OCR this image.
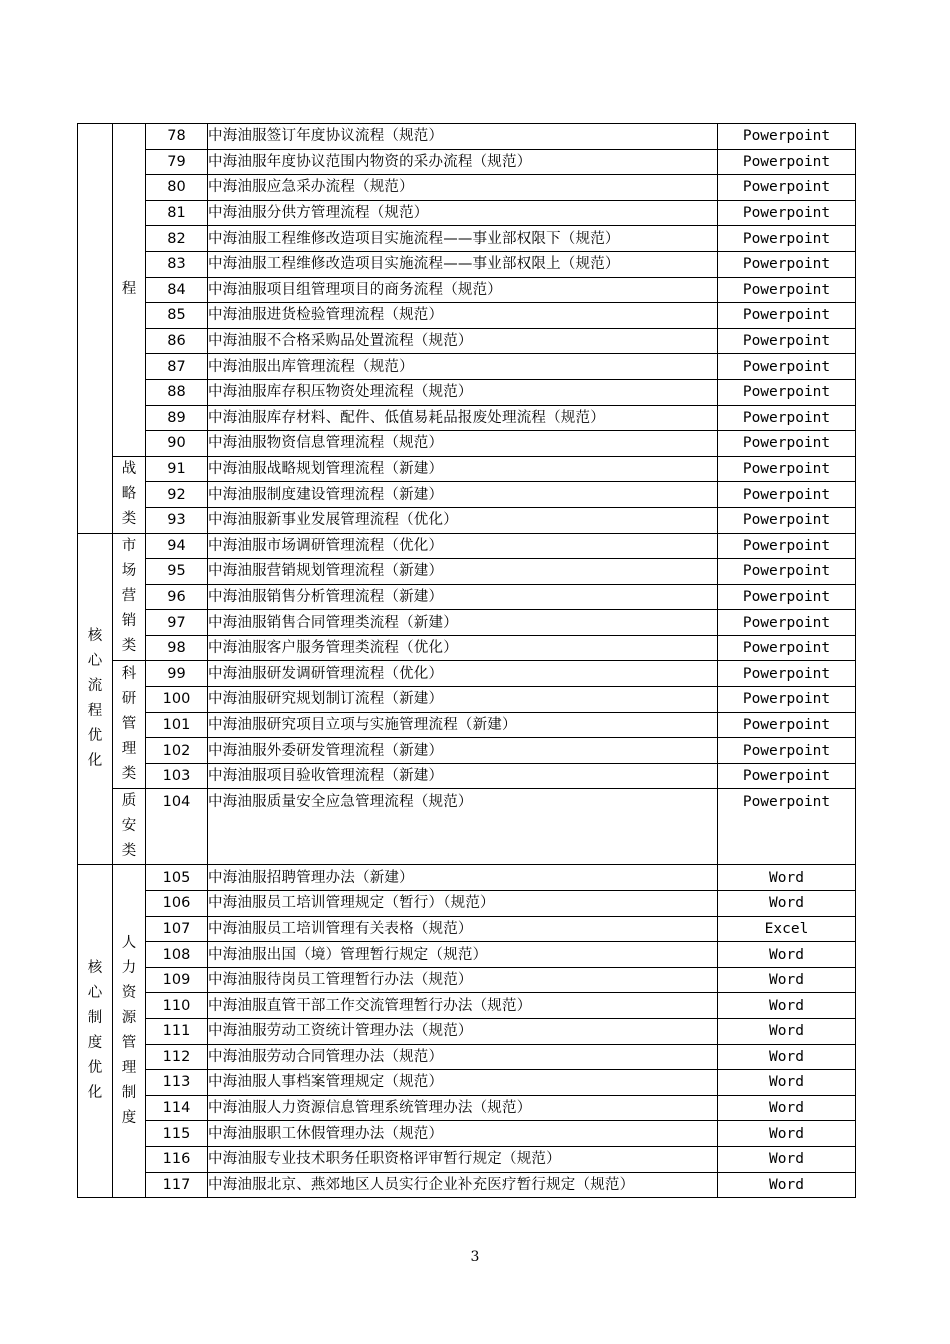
	程	78	中海油服签订年度协议流程（规范）	Powerpoint
		79	中海油服年度协议范围内物资的采办流程（规范）	Powerpoint
		80	中海油服应急采办流程（规范）	Powerpoint
		81	中海油服分供方管理流程（规范）	Powerpoint
		82	中海油服工程维修改造项目实施流程——事业部权限下（规范）	Powerpoint
		83	中海油服工程维修改造项目实施流程——事业部权限上（规范）	Powerpoint
		84	中海油服项目组管理项目的商务流程（规范）	Powerpoint
		85	中海油服进货检验管理流程（规范）	Powerpoint
		86	中海油服不合格采购品处置流程（规范）	Powerpoint
		87	中海油服出库管理流程（规范）	Powerpoint
		88	中海油服库存积压物资处理流程（规范）	Powerpoint
		89	中海油服库存材料、配件、低值易耗品报废处理流程（规范）	Powerpoint
		90	中海油服物资信息管理流程（规范）	Powerpoint

	战略类	91	中海油服战略规划管理流程（新建）	Powerpoint
		92	中海油服制度建设管理流程（新建）	Powerpoint
		93	中海油服新事业发展管理流程（优化）	Powerpoint

核心流程优化	市场营销类	94	中海油服市场调研管理流程（优化）	Powerpoint
		95	中海油服营销规划管理流程（新建）	Powerpoint
		96	中海油服销售分析管理流程（新建）	Powerpoint
		97	中海油服销售合同管理类流程（新建）	Powerpoint
		98	中海油服客户服务管理类流程（优化）	Powerpoint

	科研管理类	99	中海油服研发调研管理流程（优化）	Powerpoint
		100	中海油服研究规划制订流程（新建）	Powerpoint
		101	中海油服研究项目立项与实施管理流程（新建）	Powerpoint
		102	中海油服外委研发管理流程（新建）	Powerpoint
		103	中海油服项目验收管理流程（新建）	Powerpoint

	质安类	104	中海油服质量安全应急管理流程（规范）	Powerpoint

核心制度优化	人力资源管理制度	105	中海油服招聘管理办法（新建）	Word
		106	中海油服员工培训管理规定（暂行）（规范）	Word
		107	中海油服员工培训管理有关表格（规范）	Excel
		108	中海油服出国（境）管理暂行规定（规范）	Word
		109	中海油服待岗员工管理暂行办法（规范）	Word
		110	中海油服直管干部工作交流管理暂行办法（规范）	Word
		111	中海油服劳动工资统计管理办法（规范）	Word
		112	中海油服劳动合同管理办法（规范）	Word
		113	中海油服人事档案管理规定（规范）	Word
		114	中海油服人力资源信息管理系统管理办法（规范）	Word
		115	中海油服职工休假管理办法（规范）	Word
		116	中海油服专业技术职务任职资格评审暂行规定（规范）	Word
		117	中海油服北京、燕郊地区人员实行企业补充医疗暂行规定（规范）	Word
3
